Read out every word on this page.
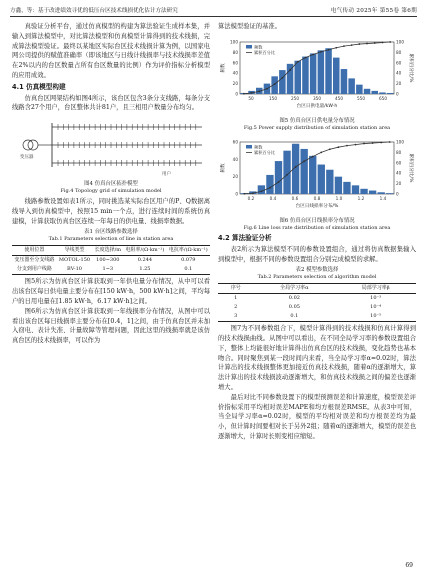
方鑫，等：基于改进绩效寻优的低压台区技术线损优化估计方法研究	电气传动 2025年 第55卷 第6期

真验证分析平台，通过仿真模型的构建为算法验证生成样本集，并输入到算法模型中，对比算法模型和仿真模型计算得到的技术线损，完成算法模型验证。最终以某地区实际台区技术线损计算为例，以国家电网公司提供的赋值准确率（即该地区与日线计线损率与技术线损率差值在2%以内的台区数量占所有台区数量的比例）作为评价指标分析模型的应用成效。

4.1 仿真模型构建

仿真台区网架结构如图4所示，该台区包含3条分支线路，每条分支线路含27个用户，台区整体共计81户，且三相用户数量分布均匀。

变压器
用户
图4 仿真台区拓扑模型
Fig.4 Topology grid of simulation model

线路参数设置如表1所示，同时挑选某实际台区用户的P、Q数据离线导入到仿真模型中，按照15 min一个点，进行连续时间的系统仿真建模，计算获取仿真台区连续一年每日的供电量、线损率数据。

表1 台区线路参数选择
Tab.1 Parameters selection of line in station area
使用位置	导线类型	长度选择/m	电阻率/(Ω·km⁻¹)	电抗率/(Ω·km⁻¹)
变压器至分支线路	MOTOL-150	100~300	0.244	0.079
分支到用户线路	BV-10	1~3	1.25	0.1

图5所示为仿真台区计算获取到一年供电量分布情况，从中可以看出该台区每日供电量主要分布在[150 kW·h，500 kW·h]之间，平均每户的日用电量在[1.85 kW·h，6.17 kW·h]之间。

图6所示为仿真台区计算获取到一年线损率分布情况，从图中可以看出该台区每日线损率主要分布在[0.4，1]之间，由于仿真台区并未加入窃电、表计失准、计量故障等管理问题，因此这里的线损率就是该仿真台区的技术线损率，可以作为

算法模型验证的基准。

0
20
40
60
80
100
0
20
40
60
80
100
50	150	250	350	450	550	650
台区日供电量/kW·h
频数	累积百分比/%
频数
累积百分比
图5 仿真台区日供电量分布情况
Fig.5 Power supply distribution of simulation station area
0
20
40
60
0
20
40
60
80
100
0.2	0.4	0.6	0.8	1.0	1.2	1.4
台区日线损率分布/%
频数	累积百分比/%
频数
累积百分比
图6 仿真台区日线损率分布情况
Fig.6 Line loss rate distribution of simulation station area
4.2 算法验证分析

表2所示为算法模型不同的参数设置组合，通过将仿真数据集输入到模型中，根据不同的参数设置组合分别完成模型的求解。

表2 模型参数选择
Tab.2 Parameters selection of algorithm model
序号	全局学习率α	局部学习率β
1	0.02	10⁻³
2	0.05	10⁻⁴
3	0.1	10⁻⁵

图7为不同参数组合下，模型计算得到的技术线损和仿真计算得到的技术线损曲线。从图中可以看出，在不同全局学习率的参数设置组合下，整体上均能很好地计算得出仿真台区的技术线损，变化趋势也基本吻合。同时聚焦到某一段时间内来看，当全局学习率α=0.02时，算法计算出的技术线损整体更加接近仿真技术线损，随着α的逐渐增大，算法计算出的技术线损波动逐渐增大，和仿真技术线损之间的偏差也逐渐增大。

最后对比不同参数设置下的模型预测误差和计算速度，模型误差评价指标采用平均相对误差MAPE和均方根误差RMSE。从表3中可知，当全局学习率α=0.02时，模型的平均相对误差和均方根误差均为最小，但计算时间要相对长于另外2组；随着α的逐渐增大，模型的误差也逐渐增大，计算时长则变相应缩短。

69
